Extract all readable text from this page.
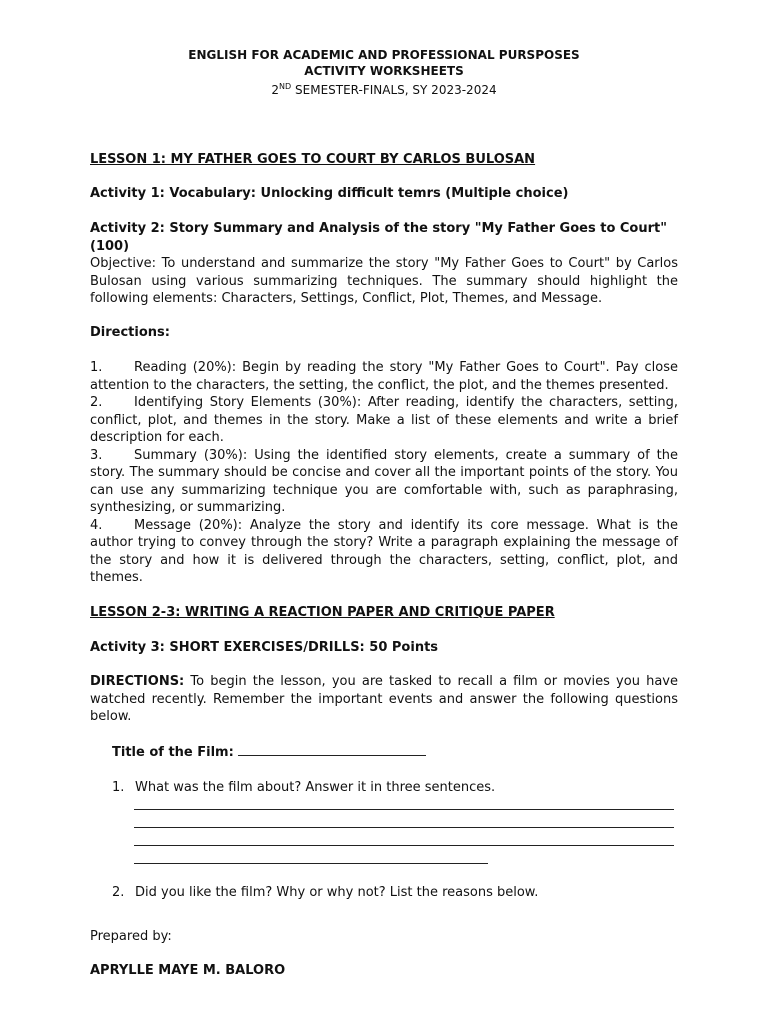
ENGLISH FOR ACADEMIC AND PROFESSIONAL PURSPOSES
ACTIVITY WORKSHEETS
2ND SEMESTER-FINALS, SY 2023-2024
LESSON 1: MY FATHER GOES TO COURT BY CARLOS BULOSAN
Activity 1: Vocabulary: Unlocking difficult temrs (Multiple choice)
Activity 2: Story Summary and Analysis of the story "My Father Goes to Court" (100)
Objective: To understand and summarize the story "My Father Goes to Court" by Carlos Bulosan using various summarizing techniques. The summary should highlight the following elements: Characters, Settings, Conflict, Plot, Themes, and Message.
Directions:
1. Reading (20%): Begin by reading the story "My Father Goes to Court". Pay close attention to the characters, the setting, the conflict, the plot, and the themes presented.
2. Identifying Story Elements (30%): After reading, identify the characters, setting, conflict, plot, and themes in the story. Make a list of these elements and write a brief description for each.
3. Summary (30%): Using the identified story elements, create a summary of the story. The summary should be concise and cover all the important points of the story. You can use any summarizing technique you are comfortable with, such as paraphrasing, synthesizing, or summarizing.
4. Message (20%): Analyze the story and identify its core message. What is the author trying to convey through the story? Write a paragraph explaining the message of the story and how it is delivered through the characters, setting, conflict, plot, and themes.
LESSON 2-3: WRITING A REACTION PAPER AND CRITIQUE PAPER
Activity 3: SHORT EXERCISES/DRILLS: 50 Points
DIRECTIONS: To begin the lesson, you are tasked to recall a film or movies you have watched recently. Remember the important events and answer the following questions below.
Title of the Film:
1. What was the film about? Answer it in three sentences.
2. Did you like the film? Why or why not? List the reasons below.
Prepared by:
APRYLLE MAYE M. BALORO
